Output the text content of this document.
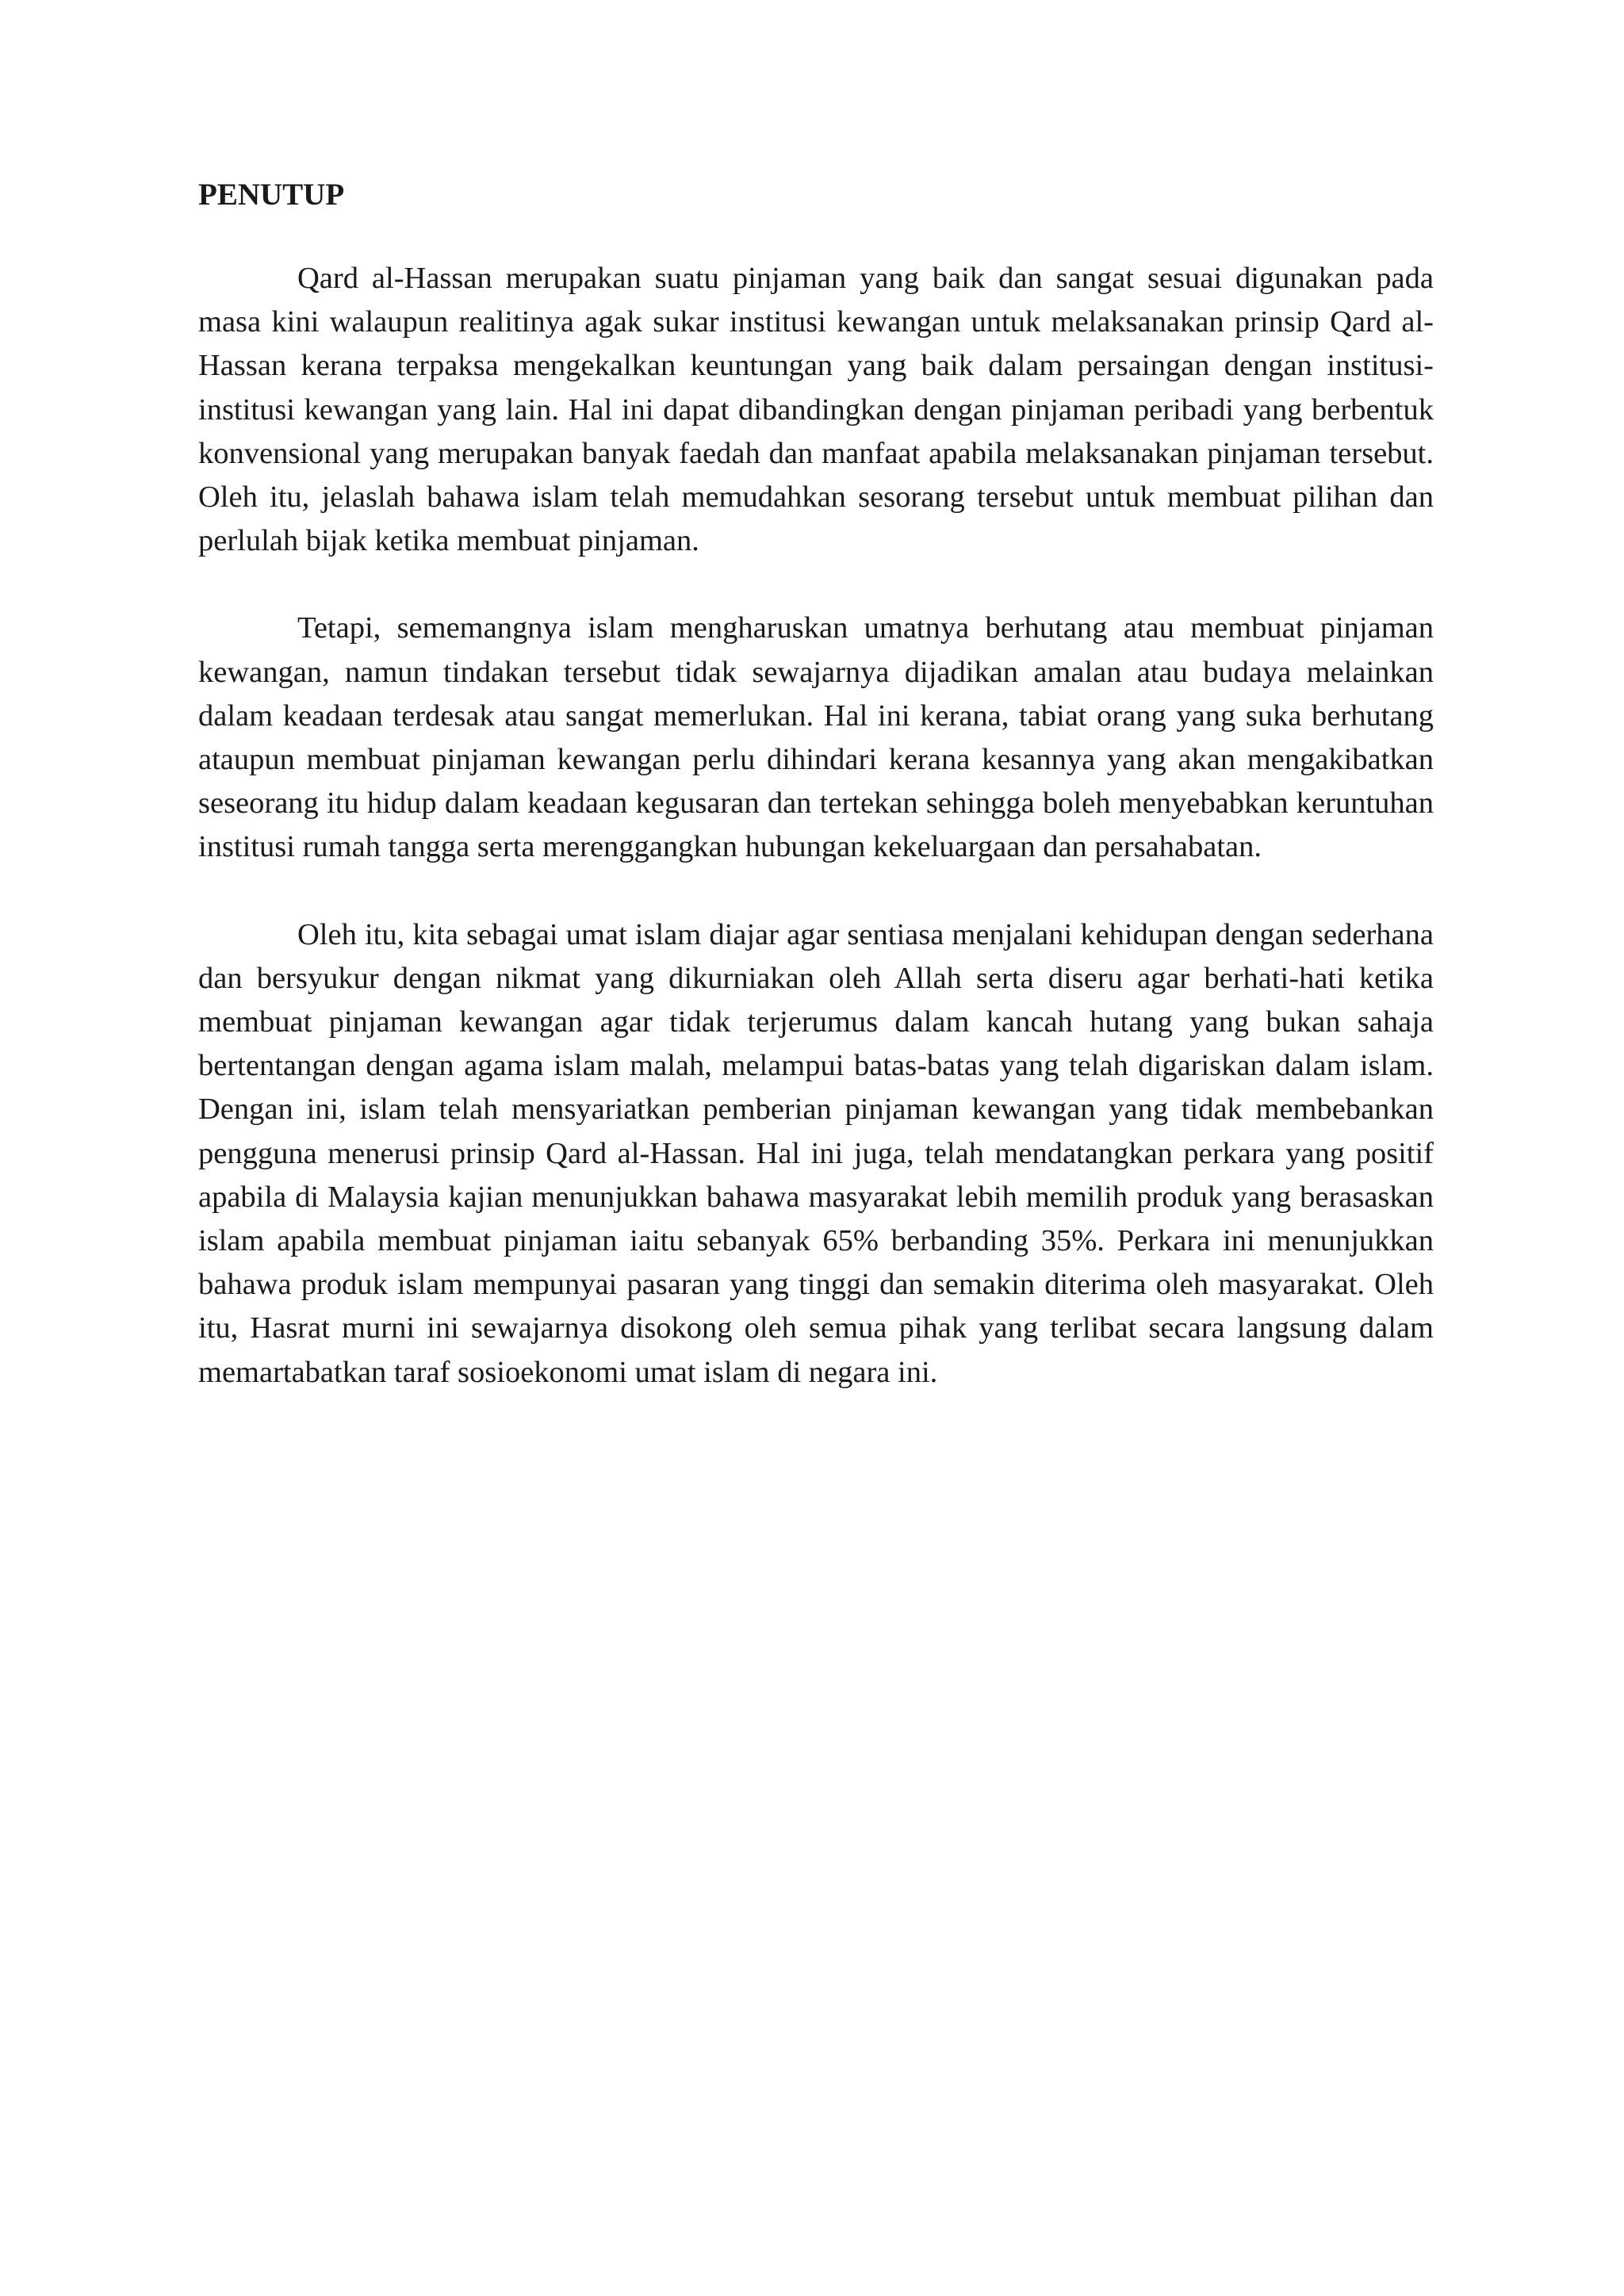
PENUTUP

Qard al-Hassan merupakan suatu pinjaman yang baik dan sangat sesuai digunakan pada masa kini walaupun realitinya agak sukar institusi kewangan untuk melaksanakan prinsip Qard al-Hassan kerana terpaksa mengekalkan keuntungan yang baik dalam persaingan dengan institusi-institusi kewangan yang lain. Hal ini dapat dibandingkan dengan pinjaman peribadi yang berbentuk konvensional yang merupakan banyak faedah dan manfaat apabila melaksanakan pinjaman tersebut. Oleh itu, jelaslah bahawa islam telah memudahkan sesorang tersebut untuk membuat pilihan dan perlulah bijak ketika membuat pinjaman.

Tetapi, sememangnya islam mengharuskan umatnya berhutang atau membuat pinjaman kewangan, namun tindakan tersebut tidak sewajarnya dijadikan amalan atau budaya melainkan dalam keadaan terdesak atau sangat memerlukan. Hal ini kerana, tabiat orang yang suka berhutang ataupun membuat pinjaman kewangan perlu dihindari kerana kesannya yang akan mengakibatkan seseorang itu hidup dalam keadaan kegusaran dan tertekan sehingga boleh menyebabkan keruntuhan institusi rumah tangga serta merenggangkan hubungan kekeluargaan dan persahabatan.

Oleh itu, kita sebagai umat islam diajar agar sentiasa menjalani kehidupan dengan sederhana dan bersyukur dengan nikmat yang dikurniakan oleh Allah serta diseru agar berhati-hati ketika membuat pinjaman kewangan agar tidak terjerumus dalam kancah hutang yang bukan sahaja bertentangan dengan agama islam malah, melampui batas-batas yang telah digariskan dalam islam. Dengan ini, islam telah mensyariatkan pemberian pinjaman kewangan yang tidak membebankan pengguna menerusi prinsip Qard al-Hassan. Hal ini juga, telah mendatangkan perkara yang positif apabila di Malaysia kajian menunjukkan bahawa masyarakat lebih memilih produk yang berasaskan islam apabila membuat pinjaman iaitu sebanyak 65% berbanding 35%. Perkara ini menunjukkan bahawa produk islam mempunyai pasaran yang tinggi dan semakin diterima oleh masyarakat. Oleh itu, Hasrat murni ini sewajarnya disokong oleh semua pihak yang terlibat secara langsung dalam memartabatkan taraf sosioekonomi umat islam di negara ini.
